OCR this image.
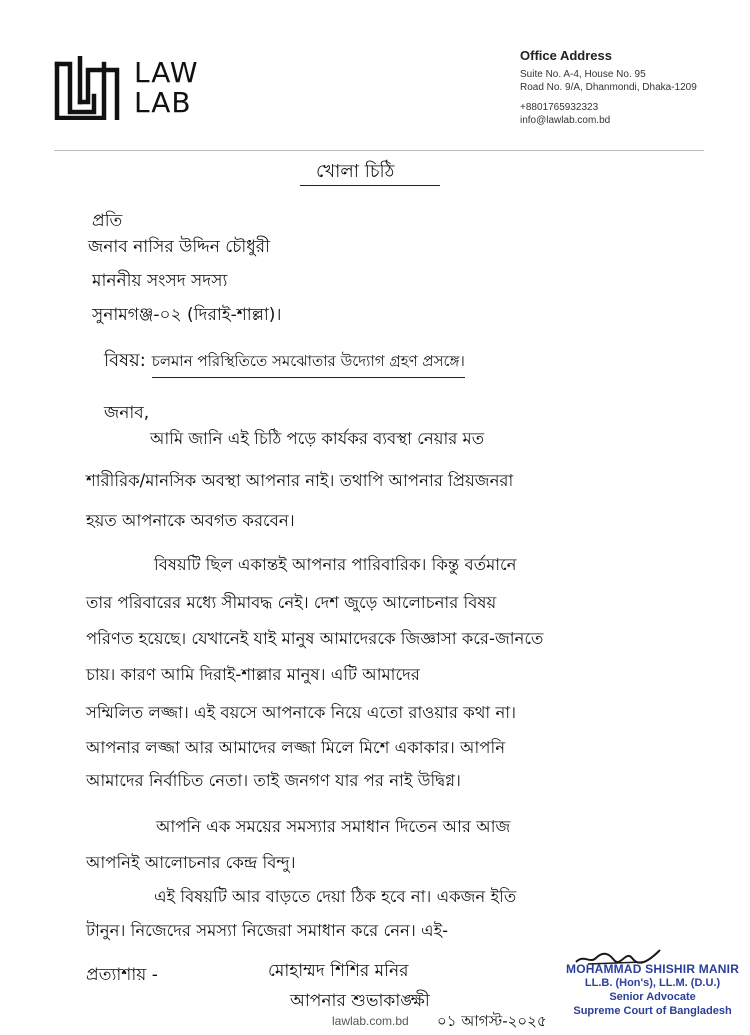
LAW
LAB
Office Address
Suite No. A-4, House No. 95
Road No. 9/A, Dhanmondi, Dhaka-1209
+8801765932323
info@lawlab.com.bd
খোলা চিঠি
প্রতি
জনাব নাসির উদ্দিন চৌধুরী
মাননীয় সংসদ সদস্য
সুনামগঞ্জ-০২ (দিরাই-শাল্লা)।
বিষয়: চলমান পরিস্থিতিতে সমঝোতার উদ্যোগ গ্রহণ প্রসঙ্গে।
জনাব,
আমি জানি এই চিঠি পড়ে কার্যকর ব্যবস্থা নেয়ার মত
শারীরিক/মানসিক অবস্থা আপনার নাই। তথাপি আপনার প্রিয়জনরা
হয়ত আপনাকে অবগত করবেন।
বিষয়টি ছিল একান্তই আপনার পারিবারিক। কিন্তু বর্তমানে
তার পরিবারের মধ্যে সীমাবদ্ধ নেই। দেশ জুড়ে আলোচনার বিষয়
পরিণত হয়েছে। যেখানেই যাই মানুষ আমাদেরকে জিজ্ঞাসা করে-জানতে
চায়। কারণ আমি দিরাই-শাল্লার মানুষ। এটি আমাদের
সম্মিলিত লজ্জা। এই বয়সে আপনাকে নিয়ে এতো রাওয়ার কথা না।
আপনার লজ্জা আর আমাদের লজ্জা মিলে মিশে একাকার। আপনি
আমাদের নির্বাচিত নেতা। তাই জনগণ যার পর নাই উদ্বিগ্ন।
আপনি এক সময়ের সমস্যার সমাধান দিতেন আর আজ
আপনিই আলোচনার কেন্দ্র বিন্দু।
এই বিষয়টি আর বাড়তে দেয়া ঠিক হবে না। একজন ইতি
টানুন। নিজেদের সমস্যা নিজেরা সমাধান করে নেন। এই-
প্রত্যাশায় -	মোহাম্মদ শিশির মনির
আপনার শুভাকাঙ্ক্ষী
MOHAMMAD SHISHIR MANIR
LL.B. (Hon's), LL.M. (D.U.)
Senior Advocate
Supreme Court of Bangladesh
lawlab.com.bd ০১ আগস্ট-২০২৫
